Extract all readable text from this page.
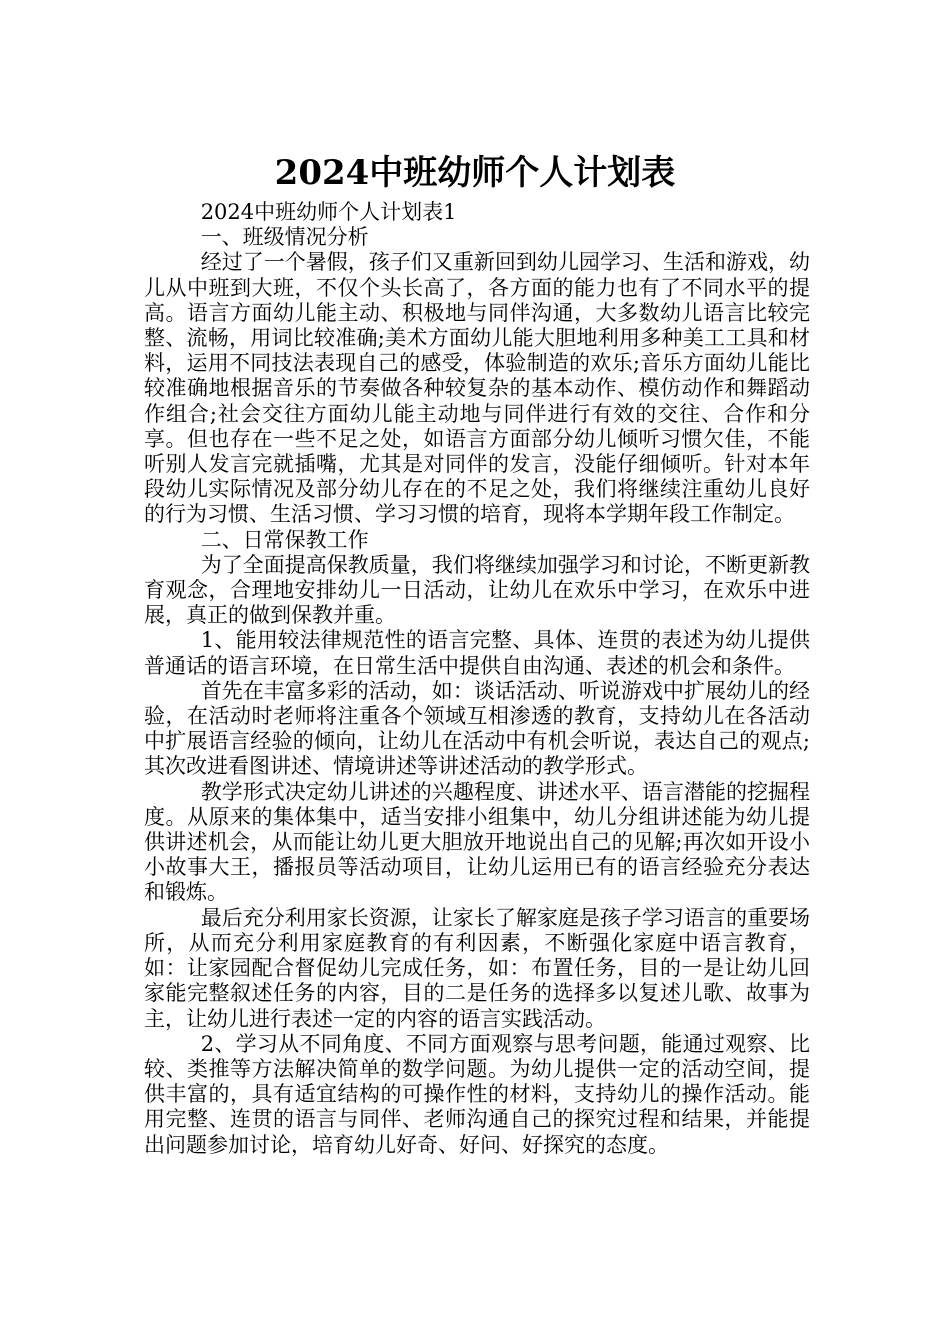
2024中班幼师个人计划表

2024中班幼师个人计划表1

一、班级情况分析

经过了一个暑假，孩子们又重新回到幼儿园学习、生活和游戏，幼儿从中班到大班，不仅个头长高了，各方面的能力也有了不同水平的提高。语言方面幼儿能主动、积极地与同伴沟通，大多数幼儿语言比较完整、流畅，用词比较准确;美术方面幼儿能大胆地利用多种美工工具和材料，运用不同技法表现自己的感受，体验制造的欢乐;音乐方面幼儿能比较准确地根据音乐的节奏做各种较复杂的基本动作、模仿动作和舞蹈动作组合;社会交往方面幼儿能主动地与同伴进行有效的交往、合作和分享。但也存在一些不足之处，如语言方面部分幼儿倾听习惯欠佳，不能听别人发言完就插嘴，尤其是对同伴的发言，没能仔细倾听。针对本年段幼儿实际情况及部分幼儿存在的不足之处，我们将继续注重幼儿良好的行为习惯、生活习惯、学习习惯的培育，现将本学期年段工作制定。

二、日常保教工作

为了全面提高保教质量，我们将继续加强学习和讨论，不断更新教育观念，合理地安排幼儿一日活动，让幼儿在欢乐中学习，在欢乐中进展，真正的做到保教并重。

1、能用较法律规范性的语言完整、具体、连贯的表述为幼儿提供普通话的语言环境，在日常生活中提供自由沟通、表述的机会和条件。

首先在丰富多彩的活动，如：谈话活动、听说游戏中扩展幼儿的经验，在活动时老师将注重各个领域互相渗透的教育，支持幼儿在各活动中扩展语言经验的倾向，让幼儿在活动中有机会听说，表达自己的观点;其次改进看图讲述、情境讲述等讲述活动的教学形式。

教学形式决定幼儿讲述的兴趣程度、讲述水平、语言潜能的挖掘程度。从原来的集体集中，适当安排小组集中，幼儿分组讲述能为幼儿提供讲述机会，从而能让幼儿更大胆放开地说出自己的见解;再次如开设小小故事大王，播报员等活动项目，让幼儿运用已有的语言经验充分表达和锻炼。

最后充分利用家长资源，让家长了解家庭是孩子学习语言的重要场所，从而充分利用家庭教育的有利因素，不断强化家庭中语言教育，如：让家园配合督促幼儿完成任务，如：布置任务，目的一是让幼儿回家能完整叙述任务的内容，目的二是任务的选择多以复述儿歌、故事为主，让幼儿进行表述一定的内容的语言实践活动。

2、学习从不同角度、不同方面观察与思考问题，能通过观察、比较、类推等方法解决简单的数学问题。为幼儿提供一定的活动空间，提供丰富的，具有适宜结构的可操作性的材料，支持幼儿的操作活动。能用完整、连贯的语言与同伴、老师沟通自己的探究过程和结果，并能提出问题参加讨论，培育幼儿好奇、好问、好探究的态度。
